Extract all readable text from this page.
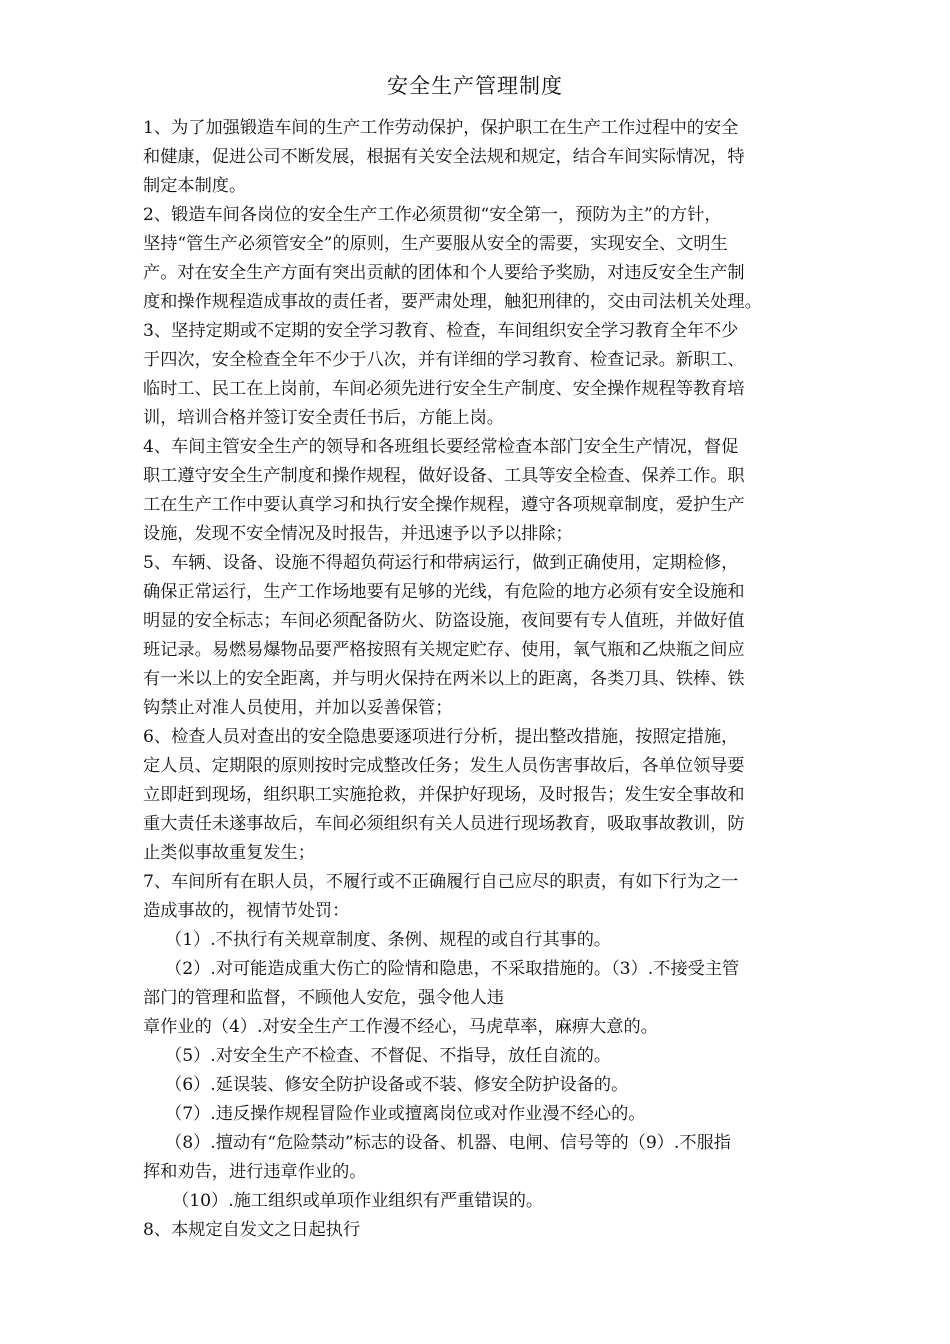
安全生产管理制度
1、为了加强锻造车间的生产工作劳动保护，保护职工在生产工作过程中的安全
和健康，促进公司不断发展，根据有关安全法规和规定，结合车间实际情况，特
制定本制度。
2、锻造车间各岗位的安全生产工作必须贯彻“安全第一，预防为主”的方针，
坚持“管生产必须管安全”的原则，生产要服从安全的需要，实现安全、文明生
产。对在安全生产方面有突出贡献的团体和个人要给予奖励，对违反安全生产制
度和操作规程造成事故的责任者，要严肃处理，触犯刑律的，交由司法机关处理。
3、坚持定期或不定期的安全学习教育、检查，车间组织安全学习教育全年不少
于四次，安全检查全年不少于八次，并有详细的学习教育、检查记录。新职工、
临时工、民工在上岗前，车间必须先进行安全生产制度、安全操作规程等教育培
训，培训合格并签订安全责任书后，方能上岗。
4、车间主管安全生产的领导和各班组长要经常检查本部门安全生产情况，督促
职工遵守安全生产制度和操作规程，做好设备、工具等安全检查、保养工作。职
工在生产工作中要认真学习和执行安全操作规程，遵守各项规章制度，爱护生产
设施，发现不安全情况及时报告，并迅速予以予以排除；
5、车辆、设备、设施不得超负荷运行和带病运行，做到正确使用，定期检修，
确保正常运行，生产工作场地要有足够的光线，有危险的地方必须有安全设施和
明显的安全标志；车间必须配备防火、防盗设施，夜间要有专人值班，并做好值
班记录。易燃易爆物品要严格按照有关规定贮存、使用，氧气瓶和乙炔瓶之间应
有一米以上的安全距离，并与明火保持在两米以上的距离，各类刀具、铁棒、铁
钩禁止对准人员使用，并加以妥善保管；
6、检查人员对查出的安全隐患要逐项进行分析，提出整改措施，按照定措施，
定人员、定期限的原则按时完成整改任务；发生人员伤害事故后，各单位领导要
立即赶到现场，组织职工实施抢救，并保护好现场，及时报告；发生安全事故和
重大责任未遂事故后，车间必须组织有关人员进行现场教育，吸取事故教训，防
止类似事故重复发生；
7、车间所有在职人员，不履行或不正确履行自己应尽的职责，有如下行为之一
造成事故的，视情节处罚：
（1）.不执行有关规章制度、条例、规程的或自行其事的。
（2）.对可能造成重大伤亡的险情和隐患，不采取措施的。（3）.不接受主管
部门的管理和监督，不顾他人安危，强令他人违
章作业的（4）.对安全生产工作漫不经心，马虎草率，麻痹大意的。
（5）.对安全生产不检查、不督促、不指导，放任自流的。
（6）.延误装、修安全防护设备或不装、修安全防护设备的。
（7）.违反操作规程冒险作业或擅离岗位或对作业漫不经心的。
（8）.擅动有“危险禁动”标志的设备、机器、电闸、信号等的（9）.不服指
挥和劝告，进行违章作业的。
（10）.施工组织或单项作业组织有严重错误的。
8、本规定自发文之日起执行
